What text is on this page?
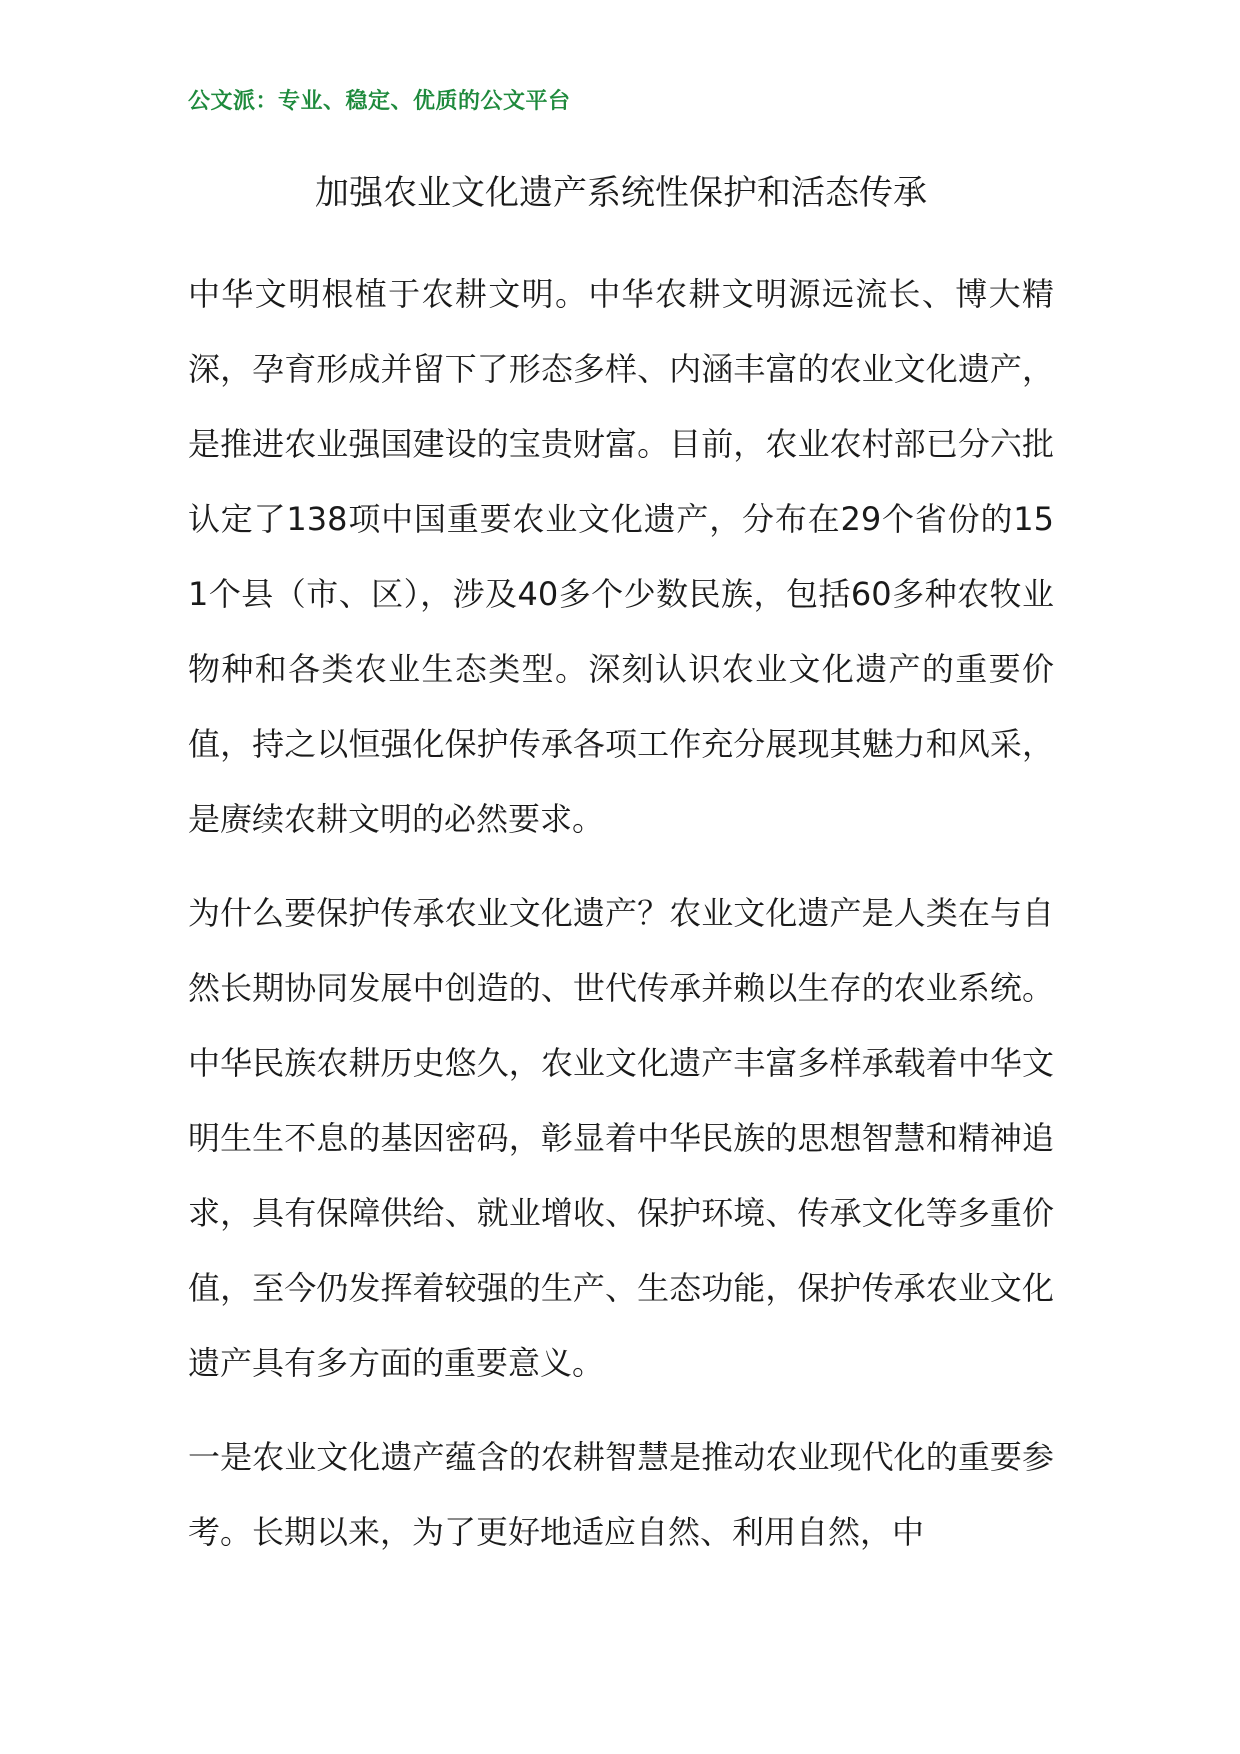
公文派：专业、稳定、优质的公文平台
加强农业文化遗产系统性保护和活态传承

中华文明根植于农耕文明。中华农耕文明源远流长、博大精深，孕育形成并留下了形态多样、内涵丰富的农业文化遗产，是推进农业强国建设的宝贵财富。目前，农业农村部已分六批认定了138项中国重要农业文化遗产，分布在29个省份的151个县（市、区），涉及40多个少数民族，包括60多种农牧业物种和各类农业生态类型。深刻认识农业文化遗产的重要价值，持之以恒强化保护传承各项工作充分展现其魅力和风采，是赓续农耕文明的必然要求。

为什么要保护传承农业文化遗产？农业文化遗产是人类在与自然长期协同发展中创造的、世代传承并赖以生存的农业系统。中华民族农耕历史悠久，农业文化遗产丰富多样承载着中华文明生生不息的基因密码，彰显着中华民族的思想智慧和精神追求，具有保障供给、就业增收、保护环境、传承文化等多重价值，至今仍发挥着较强的生产、生态功能，保护传承农业文化遗产具有多方面的重要意义。

一是农业文化遗产蕴含的农耕智慧是推动农业现代化的重要参考。长期以来，为了更好地适应自然、利用自然，中
